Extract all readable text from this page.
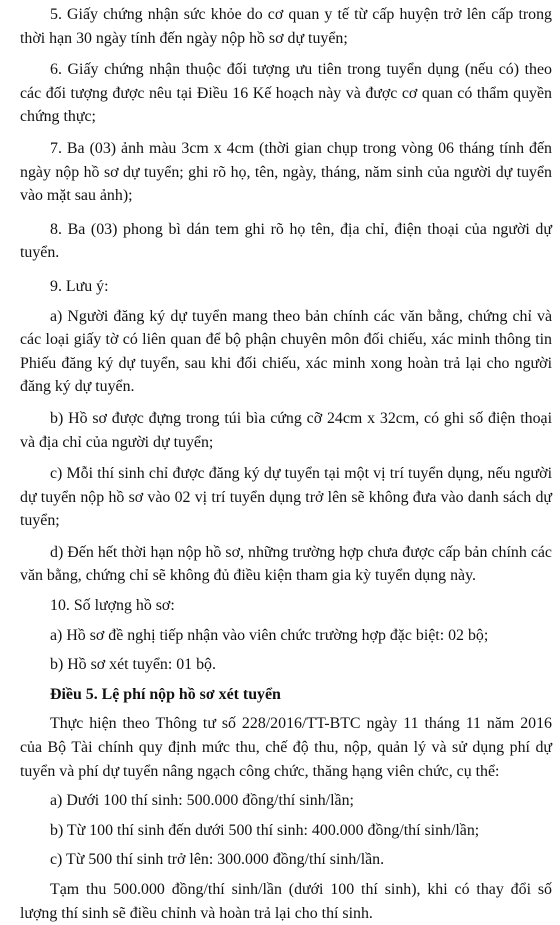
5. Giấy chứng nhận sức khỏe do cơ quan y tế từ cấp huyện trở lên cấp trong thời hạn 30 ngày tính đến ngày nộp hồ sơ dự tuyển;

6. Giấy chứng nhận thuộc đối tượng ưu tiên trong tuyển dụng (nếu có) theo các đối tượng được nêu tại Điều 16 Kế hoạch này và được cơ quan có thẩm quyền chứng thực;

7. Ba (03) ảnh màu 3cm x 4cm (thời gian chụp trong vòng 06 tháng tính đến ngày nộp hồ sơ dự tuyển; ghi rõ họ, tên, ngày, tháng, năm sinh của người dự tuyển vào mặt sau ảnh);

8. Ba (03) phong bì dán tem ghi rõ họ tên, địa chỉ, điện thoại của người dự tuyển.

9. Lưu ý:

a) Người đăng ký dự tuyển mang theo bản chính các văn bằng, chứng chỉ và các loại giấy tờ có liên quan để bộ phận chuyên môn đối chiếu, xác minh thông tin Phiếu đăng ký dự tuyển, sau khi đối chiếu, xác minh xong hoàn trả lại cho người đăng ký dự tuyển.

b) Hồ sơ được đựng trong túi bìa cứng cỡ 24cm x 32cm, có ghi số điện thoại và địa chỉ của người dự tuyển;

c) Mỗi thí sinh chỉ được đăng ký dự tuyển tại một vị trí tuyển dụng, nếu người dự tuyển nộp hồ sơ vào 02 vị trí tuyển dụng trở lên sẽ không đưa vào danh sách dự tuyển;

d) Đến hết thời hạn nộp hồ sơ, những trường hợp chưa được cấp bản chính các văn bằng, chứng chỉ sẽ không đủ điều kiện tham gia kỳ tuyển dụng này.

10. Số lượng hồ sơ:

a) Hồ sơ đề nghị tiếp nhận vào viên chức trường hợp đặc biệt: 02 bộ;

b) Hồ sơ xét tuyển: 01 bộ.

Điều 5. Lệ phí nộp hồ sơ xét tuyển

Thực hiện theo Thông tư số 228/2016/TT-BTC ngày 11 tháng 11 năm 2016 của Bộ Tài chính quy định mức thu, chế độ thu, nộp, quản lý và sử dụng phí dự tuyển và phí dự tuyển nâng ngạch công chức, thăng hạng viên chức, cụ thể:

a) Dưới 100 thí sinh: 500.000 đồng/thí sinh/lần;

b) Từ 100 thí sinh đến dưới 500 thí sinh: 400.000 đồng/thí sinh/lần;

c) Từ 500 thí sinh trở lên: 300.000 đồng/thí sinh/lần.

Tạm thu 500.000 đồng/thí sinh/lần (dưới 100 thí sinh), khi có thay đổi số lượng thí sinh sẽ điều chỉnh và hoàn trả lại cho thí sinh.
